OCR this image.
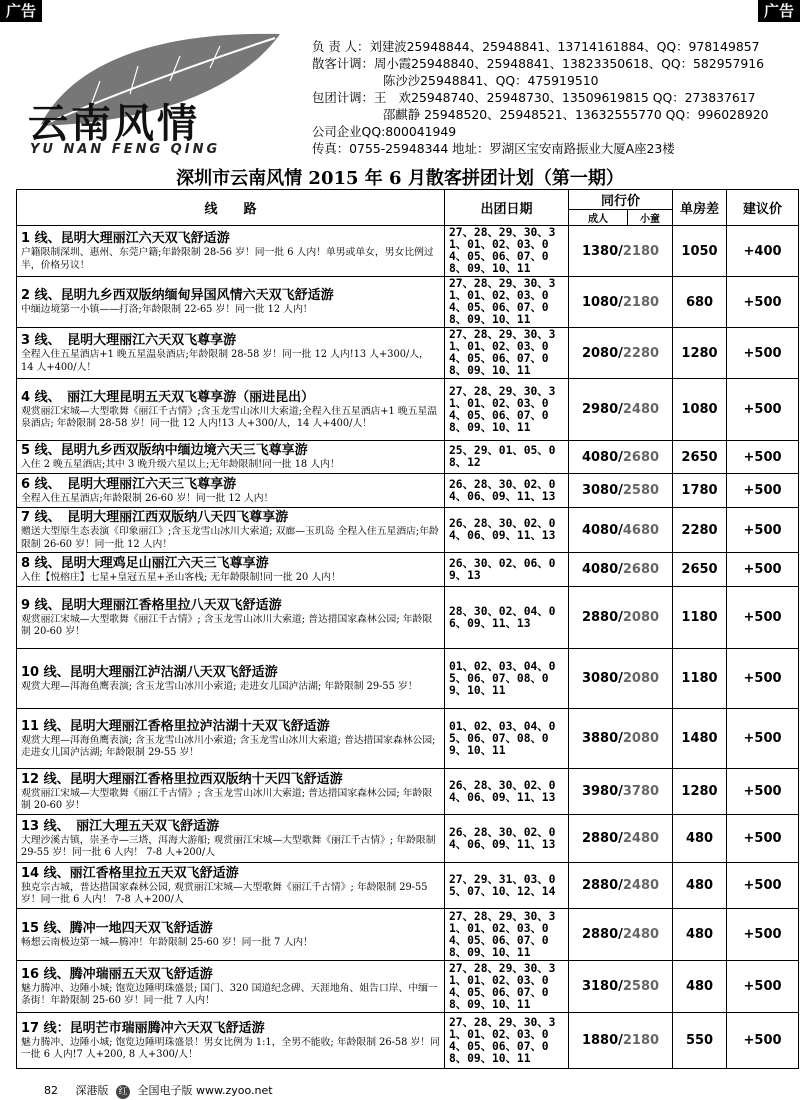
广告	广告
云南风情
YU NAN FENG QING
负 责 人：刘建波25948844、25948841、13714161884、QQ：978149857
散客计调：周小霞25948840、25948841、13823350618、QQ：582957916
陈沙沙25948841、QQ：475919510
包团计调：王　欢25948740、25948730、13509619815 QQ：273837617
邵麒静 25948520、25948521、13632555770 QQ：996028920
公司企业QQ:800041949
传真：0755-25948344 地址：罗湖区宝安南路振业大厦A座23楼
深圳市云南风情 2015 年 6 月散客拼团计划（第一期）
线　　路	出团日期	同行价		单房差	建议价
		成人	小童		

1 线、昆明大理丽江六天双飞舒适游
户籍限制深圳、惠州、东莞户籍;年龄限制 28-56 岁！同一批 6 人内！单男或单女，男女比例过半，价格另议！	27、28、29、30、31、01、02、03、04、05、06、07、08、09、10、11	1380/2180		1050	+400

2 线、昆明九乡西双版纳缅甸异国风情六天双飞舒适游
中缅边境第一小镇——打洛;年龄限制 22-65 岁！同一批 12 人内！	27、28、29、30、31、01、02、03、04、05、06、07、08、09、10、11	1080/2180		680	+500

3 线、　昆明大理丽江六天双飞尊享游
全程入住五星酒店+1 晚五星温泉酒店;年龄限制 28-58 岁！同一批 12 人内!13 人+300/人，14 人+400/人！	27、28、29、30、31、01、02、03、04、05、06、07、08、09、10、11	2080/2280		1280	+500

4 线、　丽江大理昆明五天双飞尊享游（丽进昆出）
观赏丽江宋城—大型歌舞《丽江千古情》;含玉龙雪山冰川大索道;全程入住五星酒店+1 晚五星温泉酒店; 年龄限制 28-58 岁！同一批 12 人内!13 人+300/人，14 人+400/人！	27、28、29、30、31、01、02、03、04、05、06、07、08、09、10、11	2980/2480		1080	+500

5 线、昆明九乡西双版纳中缅边境六天三飞尊享游
入住 2 晚五星酒店;其中 3 晚升级六星以上;无年龄限制!同一批 18 人内！	25、29、01、05、08、12	4080/2680		2650	+500

6 线、　昆明大理丽江六天三飞尊享游
全程入住五星酒店;年龄限制 26-60 岁！同一批 12 人内！	26、28、30、02、04、06、09、11、13	3080/2580		1780	+500

7 线、　昆明大理丽江西双版纳八天四飞尊享游
赠送大型原生态表演《印象丽江》;含玉龙雪山冰川大索道; 双廊—玉玑岛 全程入住五星酒店;年龄限制 26-60 岁！同一批 12 人内！	26、28、30、02、04、06、09、11、13	4080/4680		2280	+500

8 线、昆明大理鸡足山丽江六天三飞尊享游
入住【悦榕庄】七星+皇冠五星+圣山客栈; 无年龄限制!同一批 20 人内！	26、30、02、06、09、13	4080/2680		2650	+500

9 线、昆明大理丽江香格里拉八天双飞舒适游
观赏丽江宋城—大型歌舞《丽江千古情》; 含玉龙雪山冰川大索道; 普达措国家森林公园; 年龄限制 20-60 岁！	28、30、02、04、06、09、11、13	2880/2080		1180	+500

10 线、昆明大理丽江泸沽湖八天双飞舒适游
观赏大理—洱海鱼鹰表演; 含玉龙雪山冰川小索道; 走进女儿国泸沽湖; 年龄限制 29-55 岁！	01、02、03、04、05、06、07、08、09、10、11	3080/2080		1180	+500

11 线、昆明大理丽江香格里拉泸沽湖十天双飞舒适游
观赏大理—洱海鱼鹰表演; 含玉龙雪山冰川小索道; 含玉龙雪山冰川大索道; 普达措国家森林公园; 走进女儿国泸沽湖; 年龄限制 29-55 岁！	01、02、03、04、05、06、07、08、09、10、11	3880/2080		1480	+500

12 线、昆明大理丽江香格里拉西双版纳十天四飞舒适游
观赏丽江宋城—大型歌舞《丽江千古情》; 含玉龙雪山冰川大索道; 普达措国家森林公园; 年龄限制 20-60 岁！	26、28、30、02、04、06、09、11、13	3980/3780		1280	+500

13 线、　丽江大理五天双飞舒适游
大理沙溪古镇，崇圣寺—三塔，洱海大游船; 观赏丽江宋城—大型歌舞《丽江千古情》; 年龄限制 29-55 岁！同一批 6 人内！ 7-8 人+200/人	26、28、30、02、04、06、09、11、13	2880/2480		480	+500

14 线、丽江香格里拉五天双飞舒适游
独克宗古城，普达措国家森林公园, 观赏丽江宋城—大型歌舞《丽江千古情》; 年龄限制 29-55 岁！同一批 6 人内！ 7-8 人+200/人	27、29、31、03、05、07、10、12、14	2880/2480		480	+500

15 线、腾冲一地四天双飞舒适游
畅想云南极边第一城—腾冲！年龄限制 25-60 岁！同一批 7 人内！	27、28、29、30、31、01、02、03、04、05、06、07、08、09、10、11	2880/2480		480	+500

16 线、腾冲瑞丽五天双飞舒适游
魅力腾冲、边陲小城; 饱览边陲明珠盛景; 国门、320 国道纪念碑、天涯地角、姐告口岸、中缅一条街！年龄限制 25-60 岁！同一批 7 人内！	27、28、29、30、31、01、02、03、04、05、06、07、08、09、10、11	3180/2580		480	+500

17 线：昆明芒市瑞丽腾冲六天双飞舒适游
魅力腾冲、边陲小城; 饱览边陲明珠盛景！男女比例为 1:1，全男不能收; 年龄限制 26-58 岁！同一批 6 人内!7 人+200, 8 人+300/人！	27、28、29、30、31、01、02、03、04、05、06、07、08、09、10、11	1880/2180		550	+500
82 深港版 红 全国电子版 www.zyoo.net
